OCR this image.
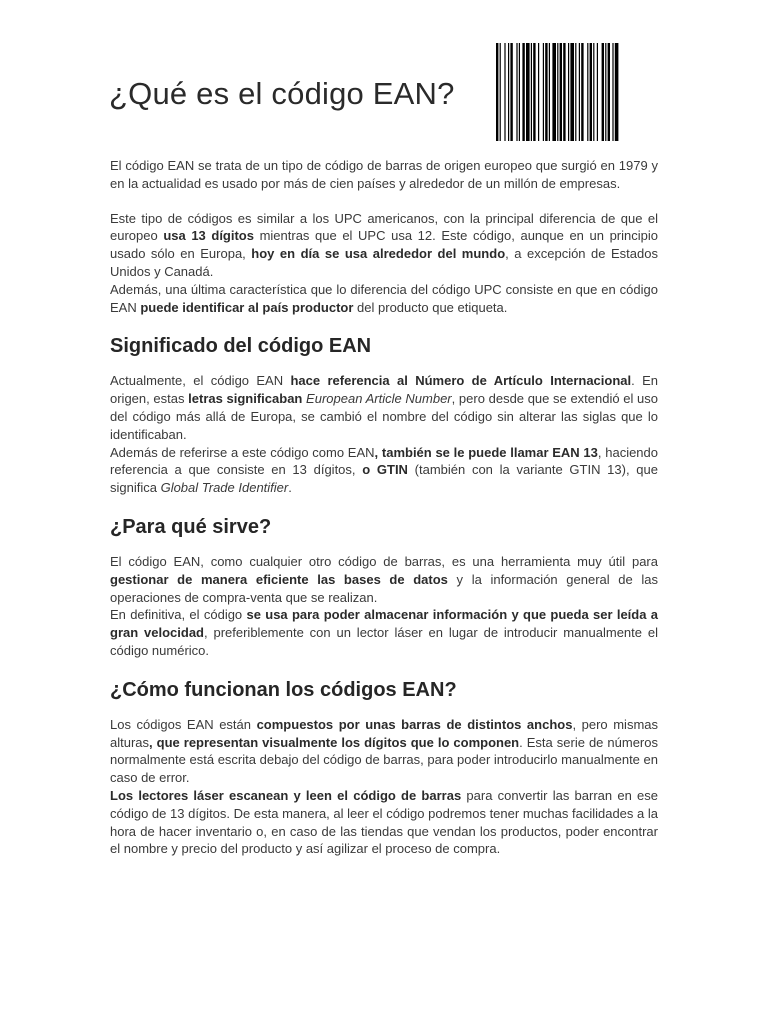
¿Qué es el código EAN?

El código EAN se trata de un tipo de código de barras de origen europeo que surgió en 1979 y en la actualidad es usado por más de cien países y alrededor de un millón de empresas.

Este tipo de códigos es similar a los UPC americanos, con la principal diferencia de que el europeo usa 13 dígitos mientras que el UPC usa 12. Este código, aunque en un principio usado sólo en Europa, hoy en día se usa alrededor del mundo, a excepción de Estados Unidos y Canadá.

Además, una última característica que lo diferencia del código UPC consiste en que en código EAN puede identificar al país productor del producto que etiqueta.

Significado del código EAN

Actualmente, el código EAN hace referencia al Número de Artículo Internacional. En origen, estas letras significaban European Article Number, pero desde que se extendió el uso del código más allá de Europa, se cambió el nombre del código sin alterar las siglas que lo identificaban.

Además de referirse a este código como EAN, también se le puede llamar EAN 13, haciendo referencia a que consiste en 13 dígitos, o GTIN (también con la variante GTIN 13), que significa Global Trade Identifier.

¿Para qué sirve?

El código EAN, como cualquier otro código de barras, es una herramienta muy útil para gestionar de manera eficiente las bases de datos y la información general de las operaciones de compra-venta que se realizan.

En definitiva, el código se usa para poder almacenar información y que pueda ser leída a gran velocidad, preferiblemente con un lector láser en lugar de introducir manualmente el código numérico.

¿Cómo funcionan los códigos EAN?

Los códigos EAN están compuestos por unas barras de distintos anchos, pero mismas alturas, que representan visualmente los dígitos que lo componen. Esta serie de números normalmente está escrita debajo del código de barras, para poder introducirlo manualmente en caso de error.

Los lectores láser escanean y leen el código de barras para convertir las barran en ese código de 13 dígitos. De esta manera, al leer el código podremos tener muchas facilidades a la hora de hacer inventario o, en caso de las tiendas que vendan los productos, poder encontrar el nombre y precio del producto y así agilizar el proceso de compra.
